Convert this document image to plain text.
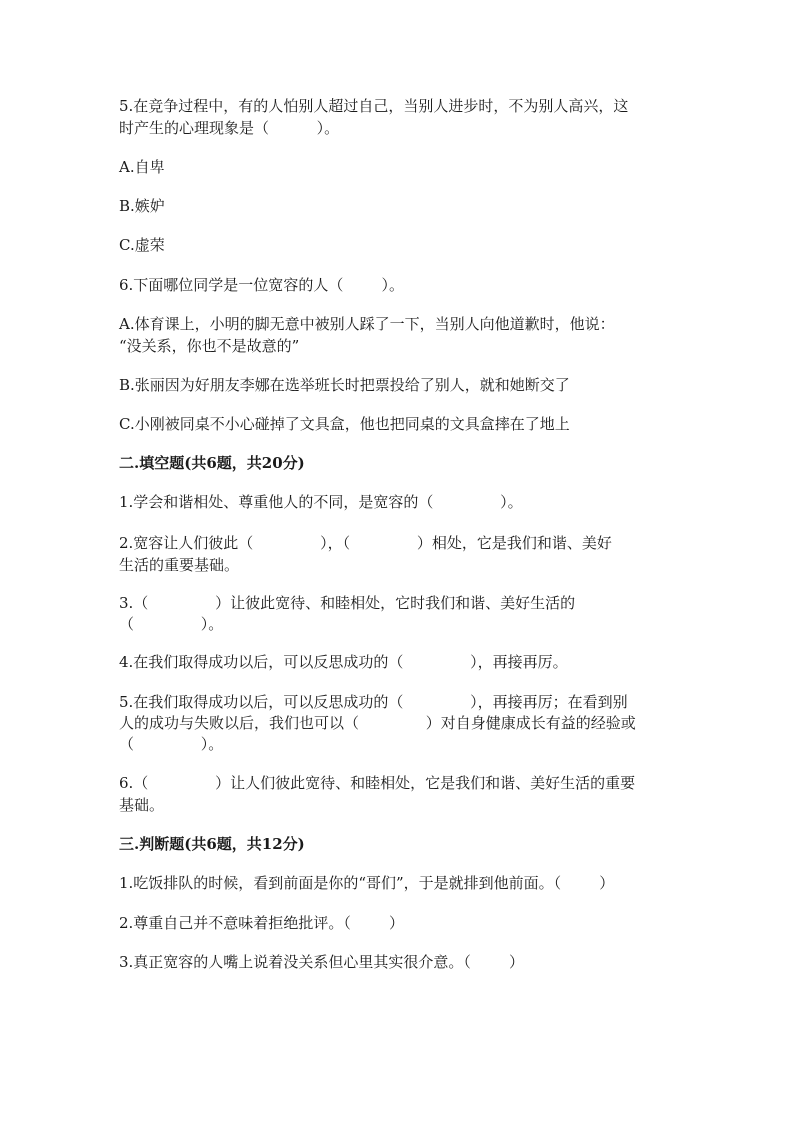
5.在竞争过程中，有的人怕别人超过自己，当别人进步时，不为别人高兴，这
时产生的心理现象是（          ）。
A.自卑
B.嫉妒
C.虚荣
6.下面哪位同学是一位宽容的人（        ）。
A.体育课上，小明的脚无意中被别人踩了一下，当别人向他道歉时，他说：
“没关系，你也不是故意的”
B.张丽因为好朋友李娜在选举班长时把票投给了别人，就和她断交了
C.小刚被同桌不小心碰掉了文具盒，他也把同桌的文具盒摔在了地上
二.填空题(共6题，共20分)
1.学会和谐相处、尊重他人的不同，是宽容的（              ）。
2.宽容让人们彼此（              ），（              ）相处，它是我们和谐、美好
生活的重要基础。
3.（              ）让彼此宽待、和睦相处，它时我们和谐、美好生活的
（              ）。
4.在我们取得成功以后，可以反思成功的（              ），再接再厉。
5.在我们取得成功以后，可以反思成功的（              ），再接再厉；在看到别
人的成功与失败以后，我们也可以（              ）对自身健康成长有益的经验或
（              ）。
6.（              ）让人们彼此宽待、和睦相处，它是我们和谐、美好生活的重要
基础。
三.判断题(共6题，共12分)
1.吃饭排队的时候，看到前面是你的“哥们”，于是就排到他前面。（        ）
2.尊重自己并不意味着拒绝批评。（        ）
3.真正宽容的人嘴上说着没关系但心里其实很介意。（        ）
